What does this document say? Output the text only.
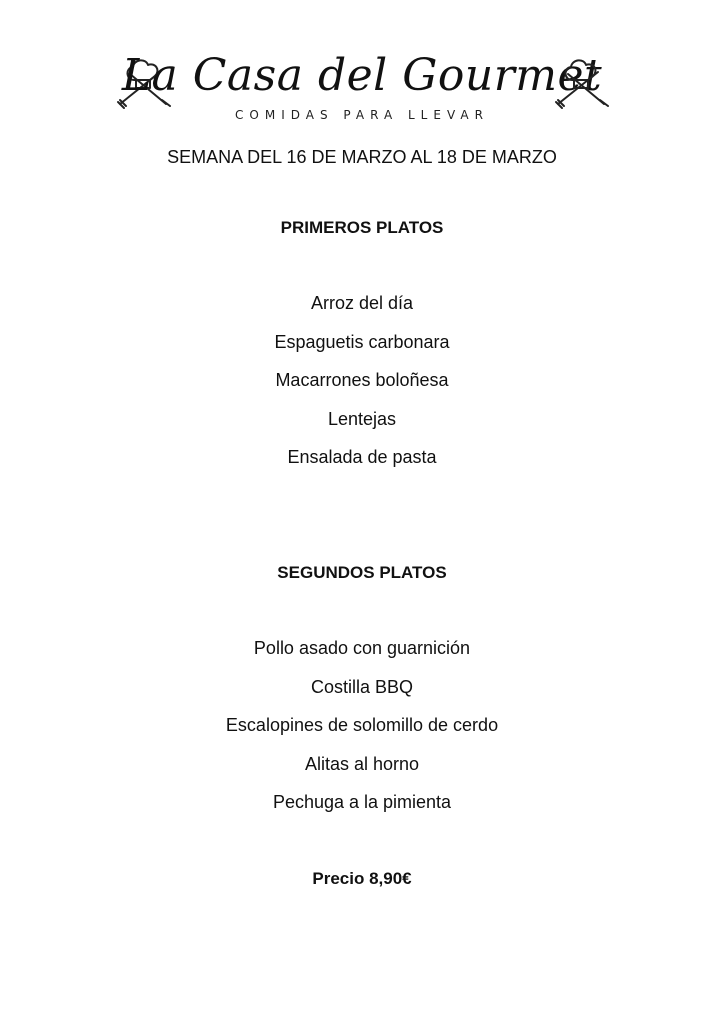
La Casa del Gourmet
COMIDAS PARA LLEVAR
SEMANA DEL 16 DE MARZO AL 18 DE MARZO
PRIMEROS PLATOS
Arroz del día
Espaguetis carbonara
Macarrones boloñesa
Lentejas
Ensalada de pasta
SEGUNDOS PLATOS
Pollo asado con guarnición
Costilla BBQ
Escalopines de solomillo de cerdo
Alitas al horno
Pechuga a la pimienta
Precio 8,90€
